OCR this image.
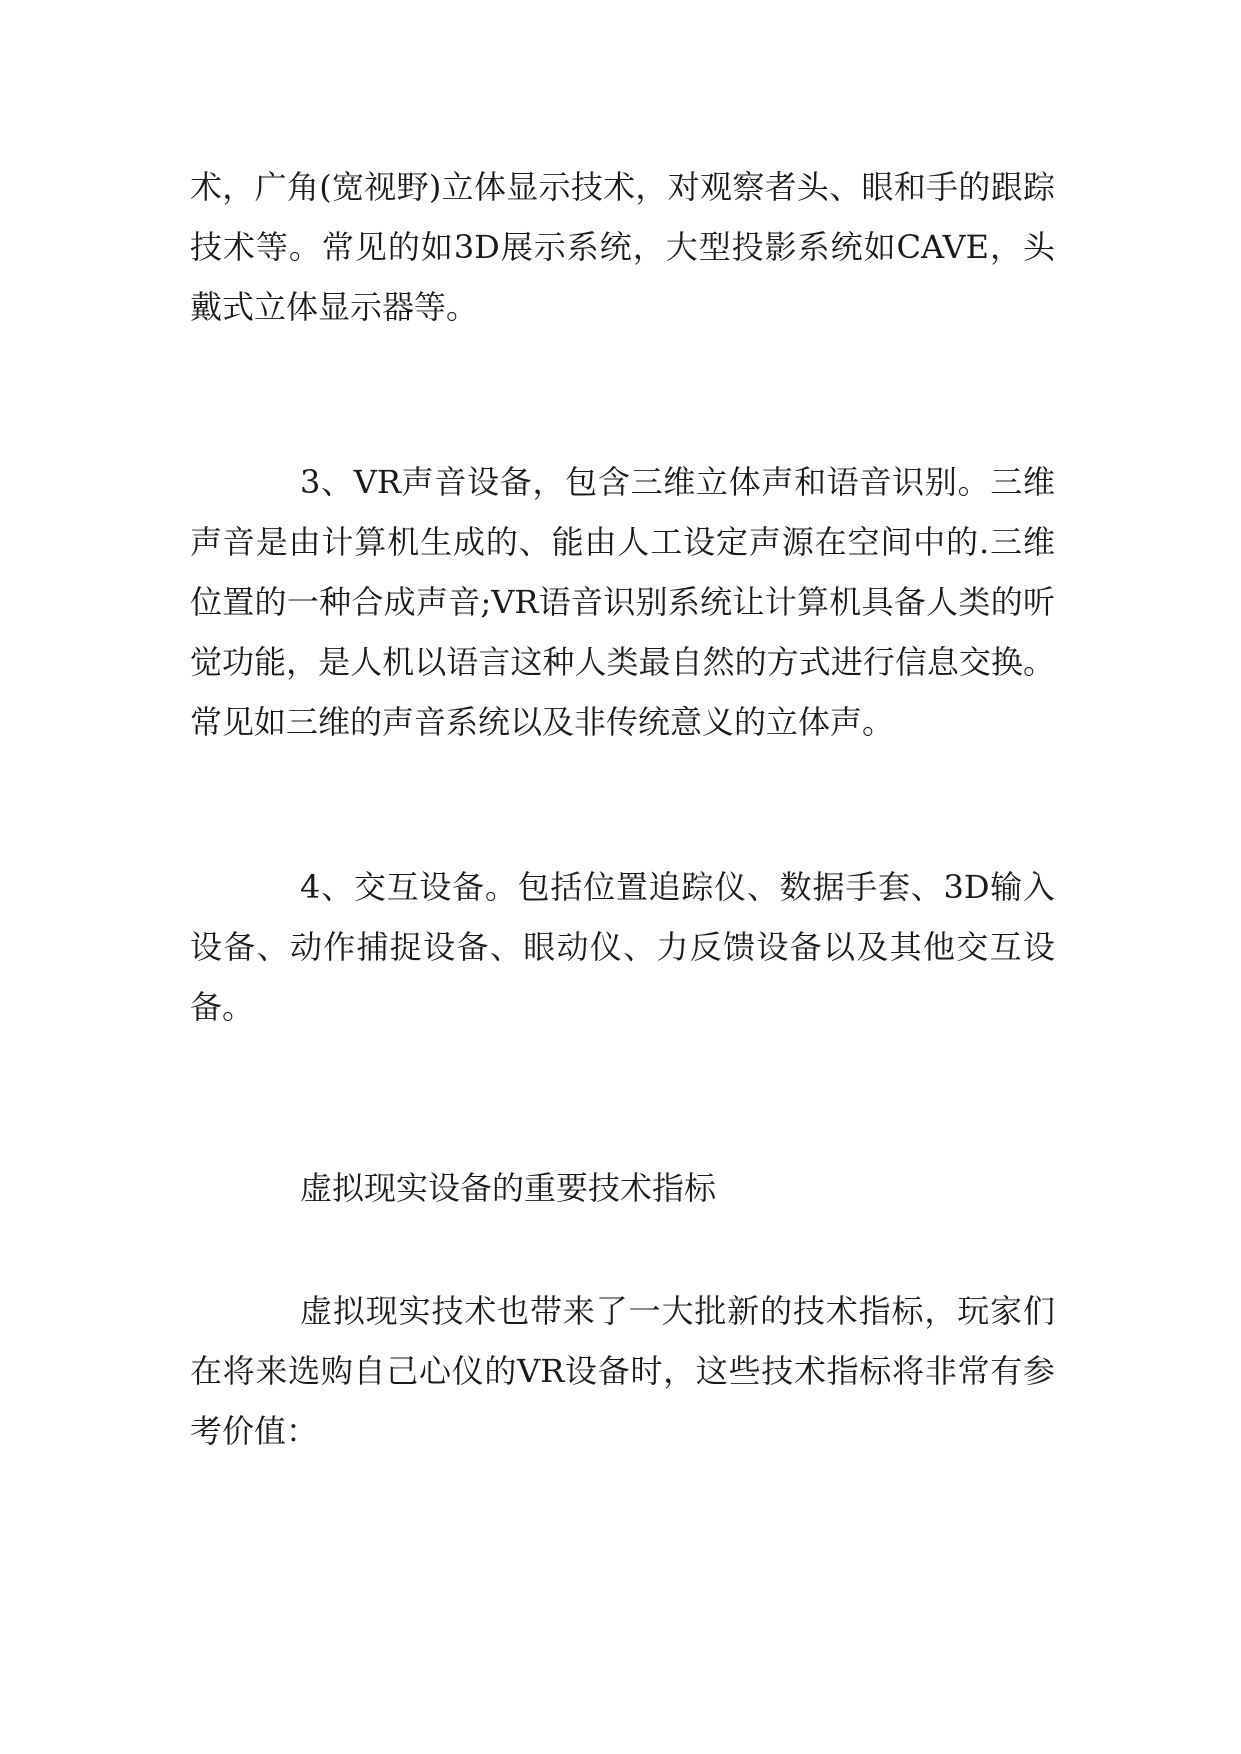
术，广角(宽视野)立体显示技术，对观察者头、眼和手的跟踪技术等。常见的如3D展示系统，大型投影系统如CAVE，头戴式立体显示器等。

3、VR声音设备，包含三维立体声和语音识别。三维声音是由计算机生成的、能由人工设定声源在空间中的.三维位置的一种合成声音;VR语音识别系统让计算机具备人类的听觉功能，是人机以语言这种人类最自然的方式进行信息交换。常见如三维的声音系统以及非传统意义的立体声。

4、交互设备。包括位置追踪仪、数据手套、3D输入设备、动作捕捉设备、眼动仪、力反馈设备以及其他交互设备。

虚拟现实设备的重要技术指标

虚拟现实技术也带来了一大批新的技术指标，玩家们在将来选购自己心仪的VR设备时，这些技术指标将非常有参考价值：
